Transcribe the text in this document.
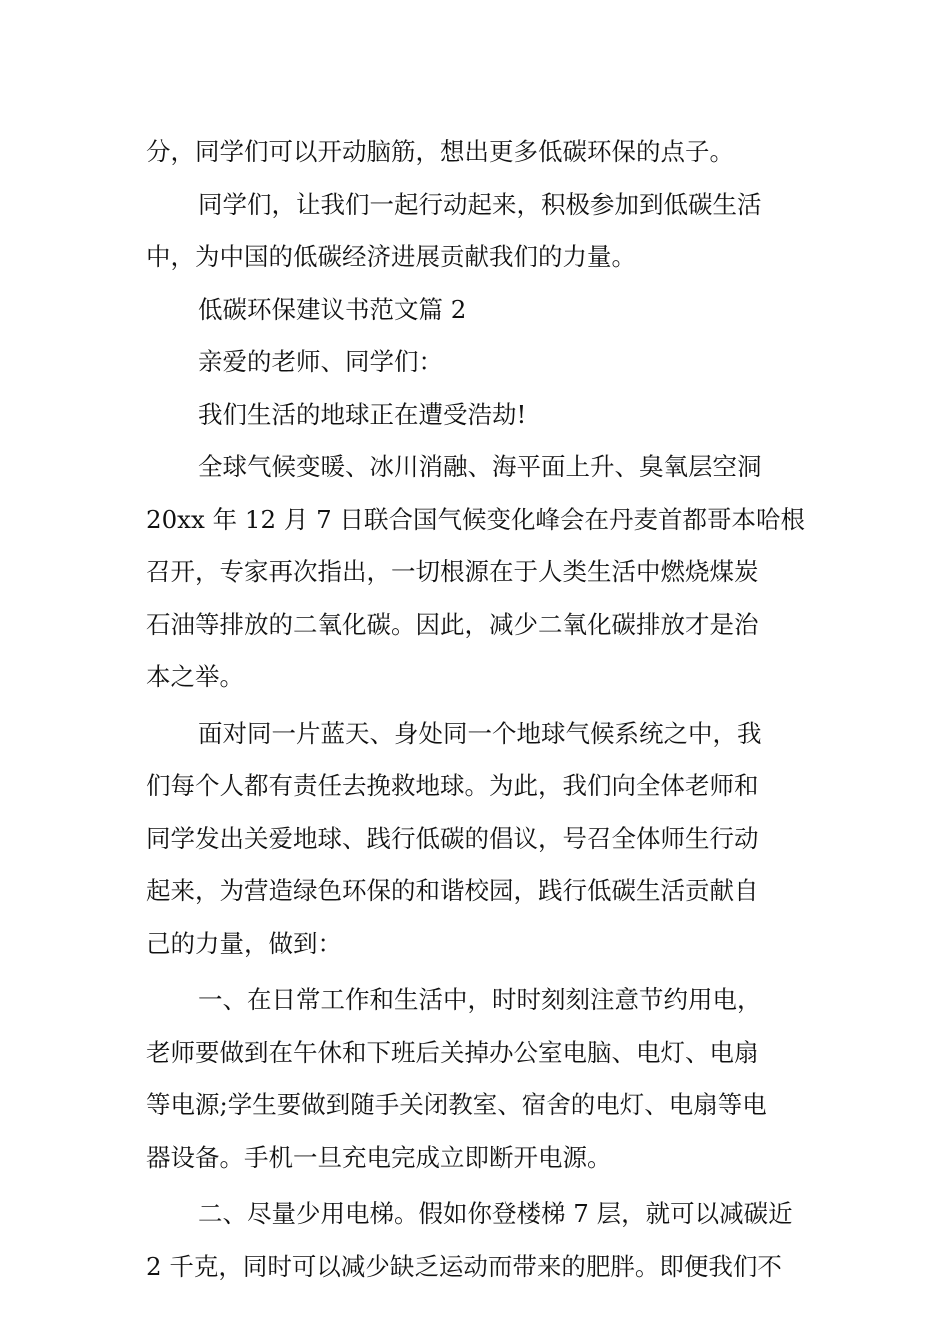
分，同学们可以开动脑筋，想出更多低碳环保的点子。
同学们，让我们一起行动起来，积极参加到低碳生活
中，为中国的低碳经济进展贡献我们的力量。
低碳环保建议书范文篇 2
亲爱的老师、同学们：
我们生活的地球正在遭受浩劫!
全球气候变暖、冰川消融、海平面上升、臭氧层空洞
20xx 年 12 月 7 日联合国气候变化峰会在丹麦首都哥本哈根
召开，专家再次指出，一切根源在于人类生活中燃烧煤炭
石油等排放的二氧化碳。因此，减少二氧化碳排放才是治
本之举。
面对同一片蓝天、身处同一个地球气候系统之中，我
们每个人都有责任去挽救地球。为此，我们向全体老师和
同学发出关爱地球、践行低碳的倡议，号召全体师生行动
起来，为营造绿色环保的和谐校园，践行低碳生活贡献自
己的力量，做到：
一、在日常工作和生活中，时时刻刻注意节约用电，
老师要做到在午休和下班后关掉办公室电脑、电灯、电扇
等电源;学生要做到随手关闭教室、宿舍的电灯、电扇等电
器设备。手机一旦充电完成立即断开电源。
二、尽量少用电梯。假如你登楼梯 7 层，就可以减碳近
2 千克，同时可以减少缺乏运动而带来的肥胖。即便我们不
